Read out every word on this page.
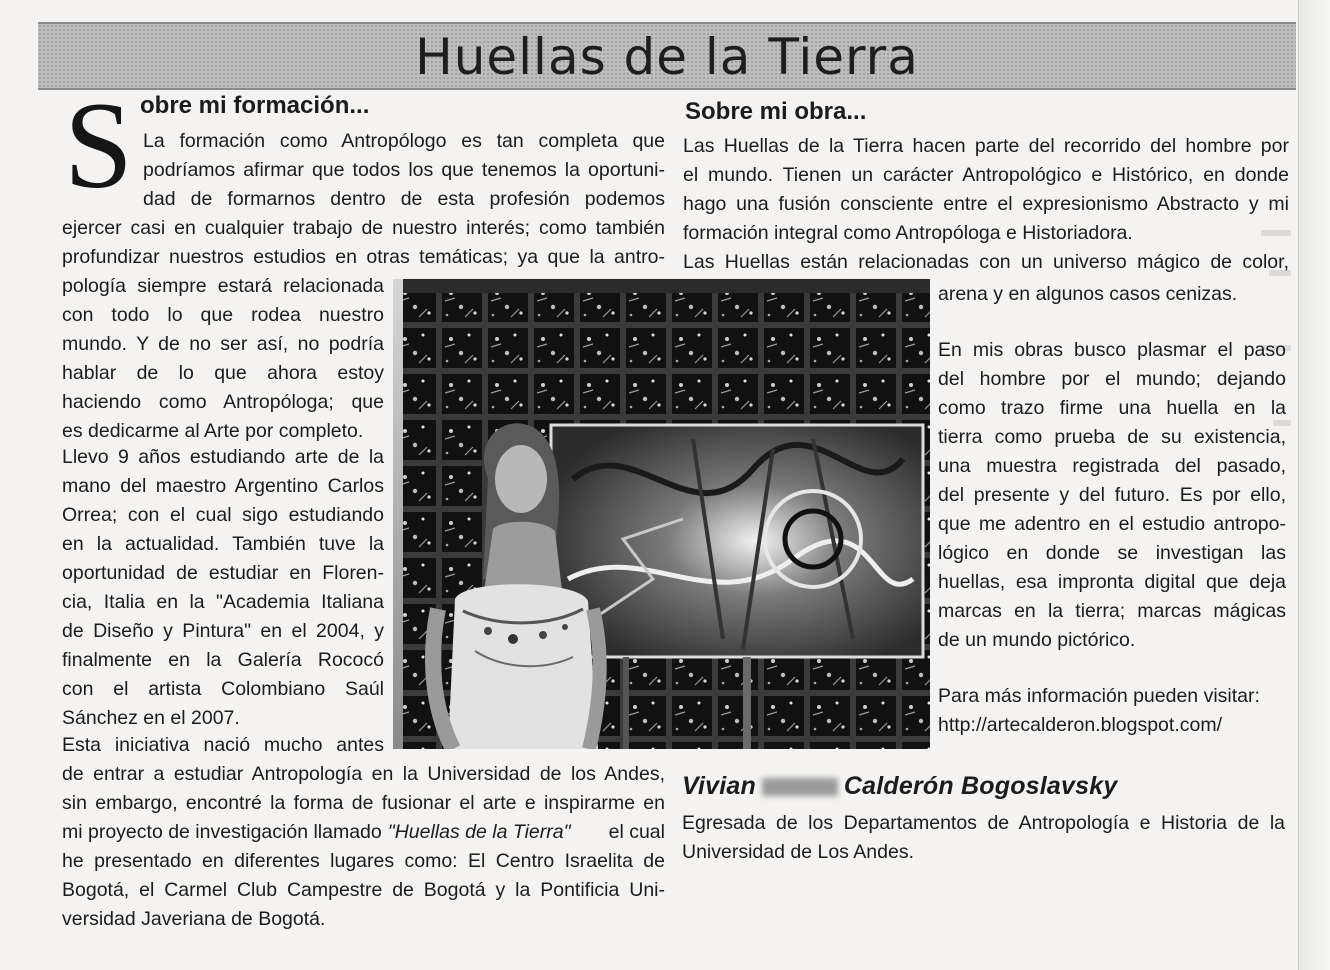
Huellas de la Tierra
S obre mi formación...
La formación como Antropólogo es tan completa que
podríamos afirmar que todos los que tenemos la oportuni-
dad de formarnos dentro de esta profesión podemos
ejercer casi en cualquier trabajo de nuestro interés; como también
profundizar nuestros estudios en otras temáticas; ya que la antro-
pología siempre estará relacionada
con todo lo que rodea nuestro
mundo. Y de no ser así, no podría
hablar de lo que ahora estoy
haciendo como Antropóloga; que
es dedicarme al Arte por completo.
Llevo 9 años estudiando arte de la
mano del maestro Argentino Carlos
Orrea; con el cual sigo estudiando
en la actualidad. También tuve la
oportunidad de estudiar en Floren-
cia, Italia en la "Academia Italiana
de Diseño y Pintura" en el 2004, y
finalmente en la Galería Rococó
con el artista Colombiano Saúl
Sánchez en el 2007.
Esta iniciativa nació mucho antes
de entrar a estudiar Antropología en la Universidad de los Andes,
sin embargo, encontré la forma de fusionar el arte e inspirarme en
mi proyecto de investigación llamado "Huellas de la Tierra" el cual
he presentado en diferentes lugares como: El Centro Israelita de
Bogotá, el Carmel Club Campestre de Bogotá y la Pontificia Uni-
versidad Javeriana de Bogotá.
Sobre mi obra...
Las Huellas de la Tierra hacen parte del recorrido del hombre por
el mundo. Tienen un carácter Antropológico e Histórico, en donde
hago una fusión consciente entre el expresionismo Abstracto y mi
formación integral como Antropóloga e Historiadora.
Las Huellas están relacionadas con un universo mágico de color,
arena y en algunos casos cenizas.
En mis obras busco plasmar el paso
del hombre por el mundo; dejando
como trazo firme una huella en la
tierra como prueba de su existencia,
una muestra registrada del pasado,
del presente y del futuro. Es por ello,
que me adentro en el estudio antropo-
lógico en donde se investigan las
huellas, esa impronta digital que deja
marcas en la tierra; marcas mágicas
de un mundo pictórico.
Para más información pueden visitar:
http://artecalderon.blogspot.com/
Vivian	Calderón Bogoslavsky
Egresada de los Departamentos de Antropología e Historia de la
Universidad de Los Andes.
